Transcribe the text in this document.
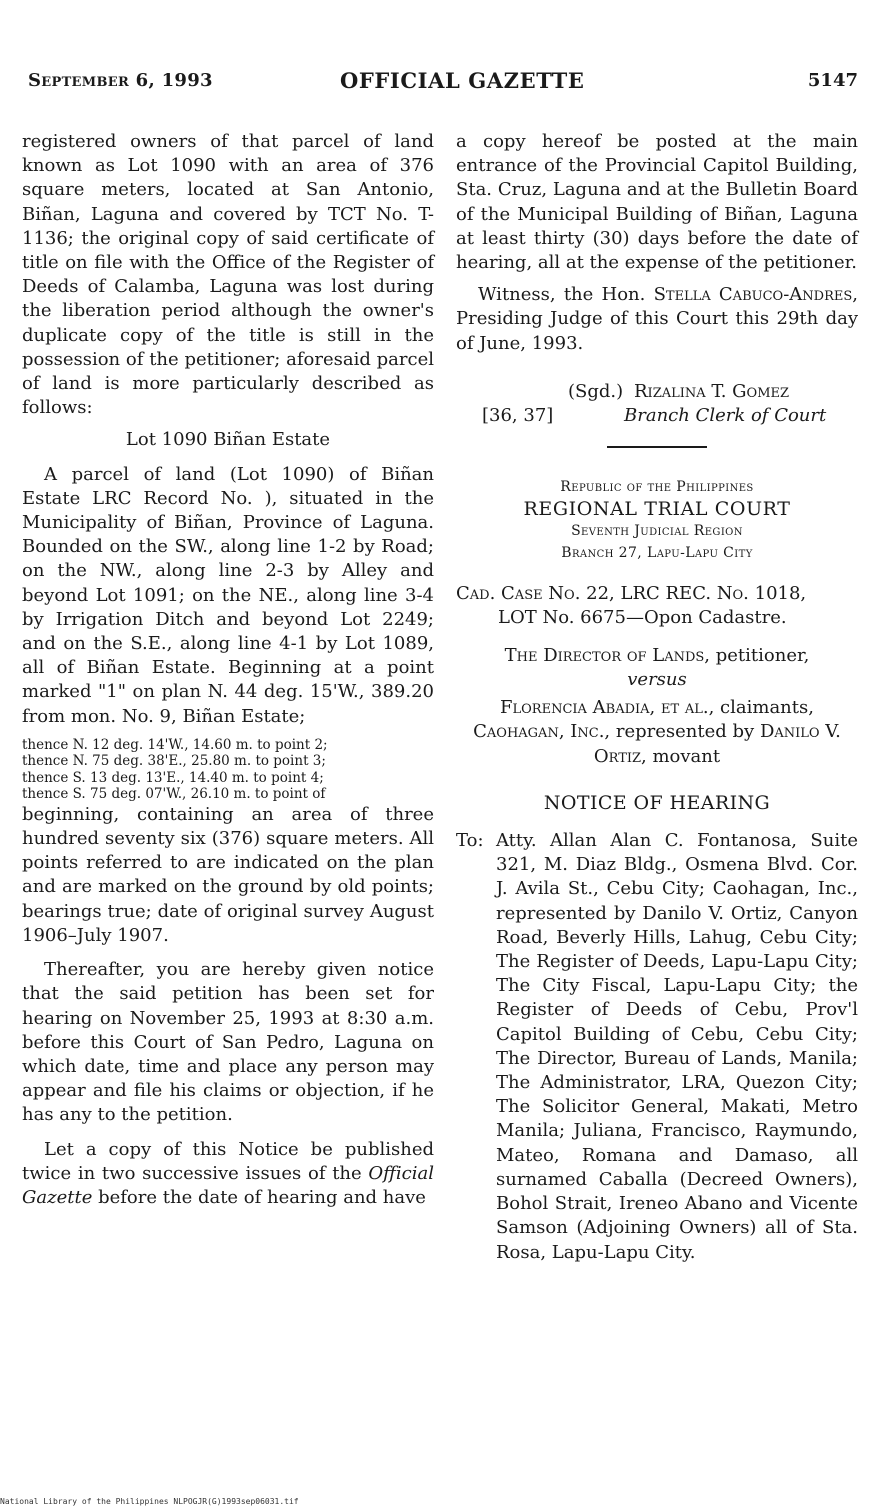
September 6, 1993	OFFICIAL GAZETTE	5147

registered owners of that parcel of land known as Lot 1090 with an area of 376 square meters, located at San Antonio, Biñan, Laguna and covered by TCT No. T-1136; the original copy of said certificate of title on file with the Office of the Register of Deeds of Calamba, Laguna was lost during the liberation period although the owner's duplicate copy of the title is still in the possession of the petitioner; aforesaid parcel of land is more particularly described as follows:

Lot 1090 Biñan Estate

A parcel of land (Lot 1090) of Biñan Estate LRC Record No. ), situated in the Municipality of Biñan, Province of Laguna. Bounded on the SW., along line 1-2 by Road; on the NW., along line 2-3 by Alley and beyond Lot 1091; on the NE., along line 3-4 by Irrigation Ditch and beyond Lot 2249; and on the S.E., along line 4-1 by Lot 1089, all of Biñan Estate. Beginning at a point marked "1" on plan N. 44 deg. 15'W., 389.20 from mon. No. 9, Biñan Estate;

thence N. 12 deg. 14'W., 14.60 m. to point 2;
thence N. 75 deg. 38'E., 25.80 m. to point 3;
thence S. 13 deg. 13'E., 14.40 m. to point 4;
thence S. 75 deg. 07'W., 26.10 m. to point of

beginning, containing an area of three hundred seventy six (376) square meters. All points referred to are indicated on the plan and are marked on the ground by old points; bearings true; date of original survey August 1906–July 1907.

Thereafter, you are hereby given notice that the said petition has been set for hearing on November 25, 1993 at 8:30 a.m. before this Court of San Pedro, Laguna on which date, time and place any person may appear and file his claims or objection, if he has any to the petition.

Let a copy of this Notice be published twice in two successive issues of the Official Gazette before the date of hearing and have

a copy hereof be posted at the main entrance of the Provincial Capitol Building, Sta. Cruz, Laguna and at the Bulletin Board of the Municipal Building of Biñan, Laguna at least thirty (30) days before the date of hearing, all at the expense of the petitioner.

Witness, the Hon. Stella Cabuco-Andres, Presiding Judge of this Court this 29th day of June, 1993.

(Sgd.) Rizalina T. Gomez
[36, 37]	Branch Clerk of Court
Republic of the Philippines
REGIONAL TRIAL COURT
Seventh Judicial Region
Branch 27, Lapu-Lapu City
Cad. Case No. 22, LRC REC. No. 1018,
LOT No. 6675—Opon Cadastre.
The Director of Lands, petitioner,
versus
Florencia Abadia, et al., claimants,
Caohagan, Inc., represented by Danilo V. Ortiz, movant
NOTICE OF HEARING
To: Atty. Allan Alan C. Fontanosa, Suite 321, M. Diaz Bldg., Osmena Blvd. Cor. J. Avila St., Cebu City; Caohagan, Inc., represented by Danilo V. Ortiz, Canyon Road, Beverly Hills, Lahug, Cebu City; The Register of Deeds, Lapu-Lapu City; The City Fiscal, Lapu-Lapu City; the Register of Deeds of Cebu, Prov'l Capitol Building of Cebu, Cebu City; The Director, Bureau of Lands, Manila; The Administrator, LRA, Quezon City; The Solicitor General, Makati, Metro Manila; Juliana, Francisco, Raymundo, Mateo, Romana and Damaso, all surnamed Caballa (Decreed Owners), Bohol Strait, Ireneo Abano and Vicente Samson (Adjoining Owners) all of Sta. Rosa, Lapu-Lapu City.
National Library of the Philippines NLPOGJR(G)1993sep06031.tif
